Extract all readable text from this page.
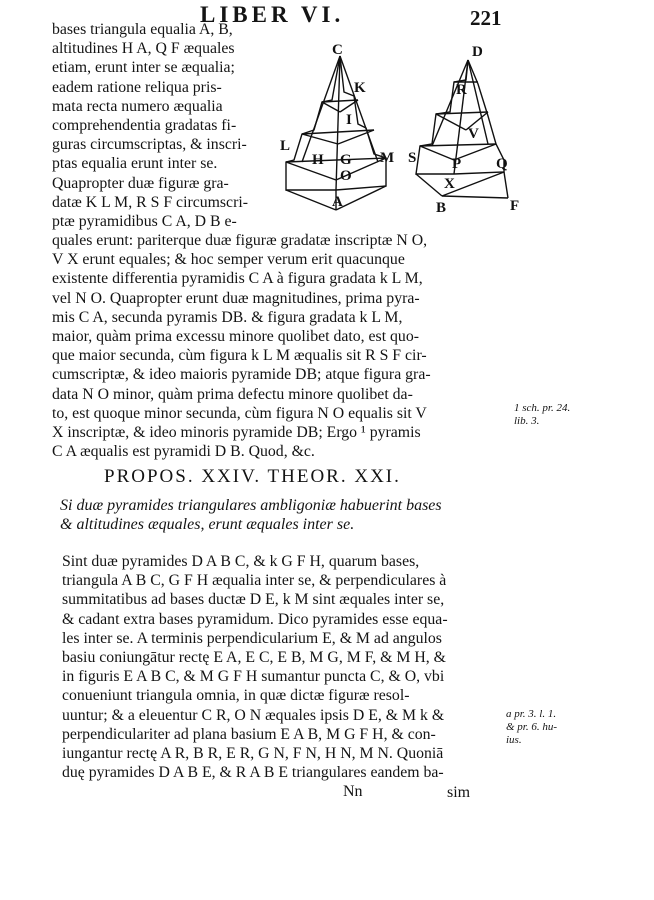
LIBER VI.	221
C	D
K	R
V
I
H G
O
M S P Q
X
A	B	F
L
bases triangula equalia A, B,
altitudines H A, Q F æquales
etiam, erunt inter se æqualia;
eadem ratione reliqua pris-
mata recta numero æqualia
comprehendentia gradatas fi-
guras circumscriptas, & inscri-
ptas equalia erunt inter se.
Quapropter duæ figuræ gra-
datæ K L M, R S F circumscri-
ptæ pyramidibus C A, D B e-
quales erunt: pariterque duæ figuræ gradatæ inscriptæ N O,
V X erunt equales; & hoc semper verum erit quacunque
existente differentia pyramidis C A à figura gradata k L M,
vel N O. Quapropter erunt duæ magnitudines, prima pyra-
mis C A, secunda pyramis DB. & figura gradata k L M,
maior, quàm prima excessu minore quolibet dato, est quo-
que maior secunda, cùm figura k L M æqualis sit R S F cir-
cumscriptæ, & ideo maioris pyramide DB; atque figura gra-
data N O minor, quàm prima defectu minore quolibet da-
to, est quoque minor secunda, cùm figura N O equalis sit V
X inscriptæ, & ideo minoris pyramide DB; Ergo ¹ pyramis
C A æqualis est pyramidi D B. Quod, &c.
1 sch. pr. 24.
lib. 3.
PROPOS. XXIV. THEOR. XXI.
Si duæ pyramides triangulares ambligoniæ habuerint bases
& altitudines æquales, erunt æquales inter se.
Sint duæ pyramides D A B C, & k G F H, quarum bases,
triangula A B C, G F H æqualia inter se, & perpendiculares à
summitatibus ad bases ductæ D E, k M sint æquales inter se,
& cadant extra bases pyramidum. Dico pyramides esse equa-
les inter se. A terminis perpendicularium E, & M ad angulos
basiu coniungātur rectę E A, E C, E B, M G, M F, & M H, &
in figuris E A B C, & M G F H sumantur puncta C, & O, vbi
conueniunt triangula omnia, in quæ dictæ figuræ resol-
uuntur; & a eleuentur C R, O N æquales ipsis D E, & M k &
perpendiculariter ad plana basium E A B, M G F H, & con-
iungantur rectę A R, B R, E R, G N, F N, H N, M N. Quoniā
duę pyramides D A B E, & R A B E triangulares eandem ba-
a pr. 3. l. 1.
& pr. 6. hu-
ius.
Nn	sim
